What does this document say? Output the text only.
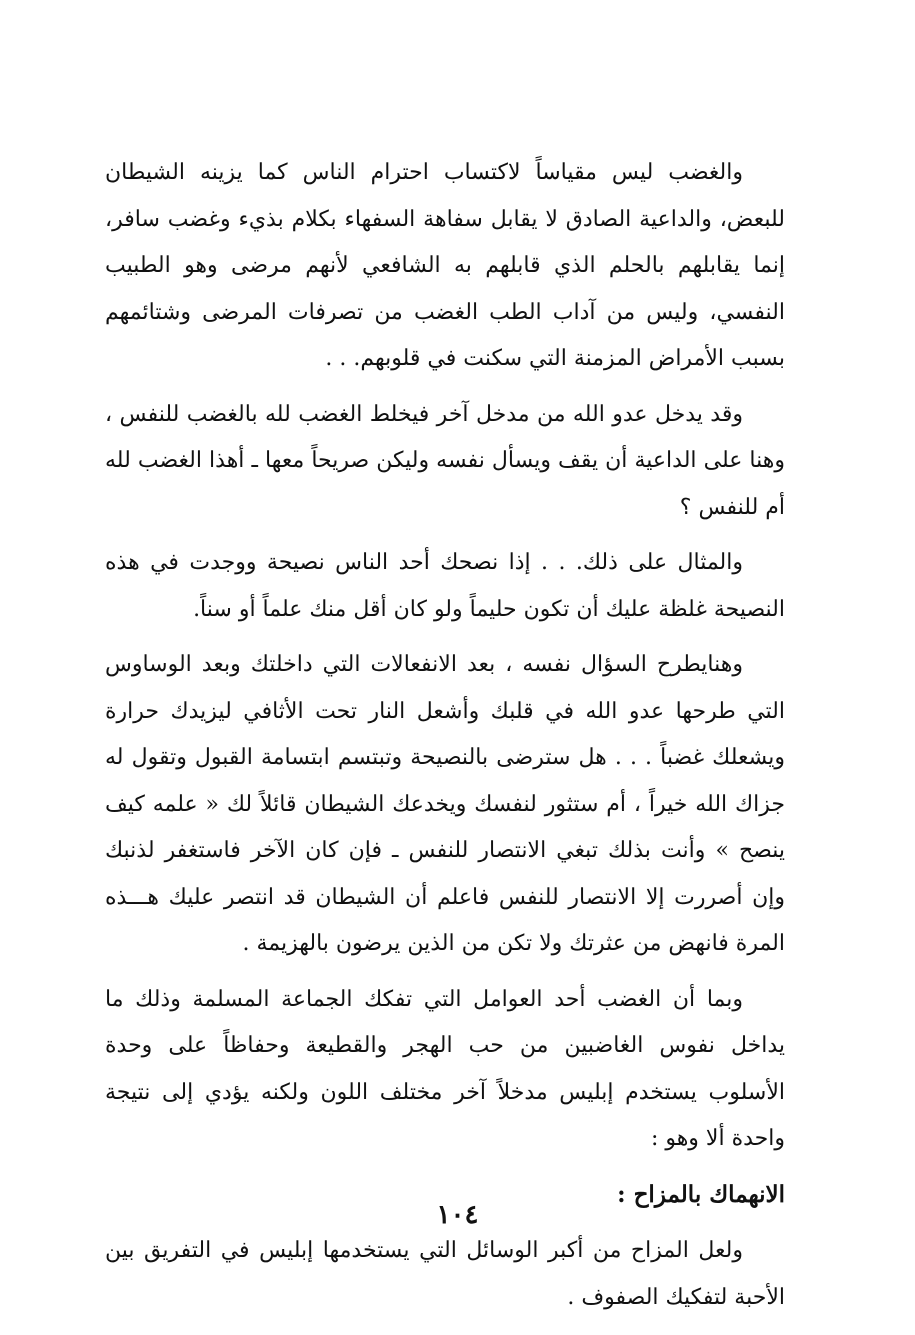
والغضب ليس مقياساً لاكتساب احترام الناس كما يزينه الشيطان للبعض، والداعية الصادق لا يقابل سفاهة السفهاء بكلام بذيء وغضب سافر، إنما يقابلهم بالحلم الذي قابلهم به الشافعي لأنهم مرضى وهو الطبيب النفسي، وليس من آداب الطب الغضب من تصرفات المرضى وشتائمهم بسبب الأمراض المزمنة التي سكنت في قلوبهم. . .

وقد يدخل عدو الله من مدخل آخر فيخلط الغضب لله بالغضب للنفس ، وهنا على الداعية أن يقف ويسأل نفسه وليكن صريحاً معها ـ أهذا الغضب لله أم للنفس ؟

والمثال على ذلك. . . إذا نصحك أحد الناس نصيحة ووجدت في هذه النصيحة غلظة عليك أن تكون حليماً ولو كان أقل منك علماً أو سناً.

وهنايطرح السؤال نفسه ، بعد الانفعالات التي داخلتك وبعد الوساوس التي طرحها عدو الله في قلبك وأشعل النار تحت الأثافي ليزيدك حرارة ويشعلك غضباً . . . هل سترضى بالنصيحة وتبتسم ابتسامة القبول وتقول له جزاك الله خيراً ، أم ستثور لنفسك ويخدعك الشيطان قائلاً لك « علمه كيف ينصح » وأنت بذلك تبغي الانتصار للنفس ـ فإن كان الآخر فاستغفر لذنبك وإن أصررت إلا الانتصار للنفس فاعلم أن الشيطان قد انتصر عليك هـــذه المرة فانهض من عثرتك ولا تكن من الذين يرضون بالهزيمة .

وبما أن الغضب أحد العوامل التي تفكك الجماعة المسلمة وذلك ما يداخل نفوس الغاضبين من حب الهجر والقطيعة وحفاظاً على وحدة الأسلوب يستخدم إبليس مدخلاً آخر مختلف اللون ولكنه يؤدي إلى نتيجة واحدة ألا وهو :

الانهماك بالمزاح :

ولعل المزاح من أكبر الوسائل التي يستخدمها إبليس في التفريق بين الأحبة لتفكيك الصفوف .

١٠٤
